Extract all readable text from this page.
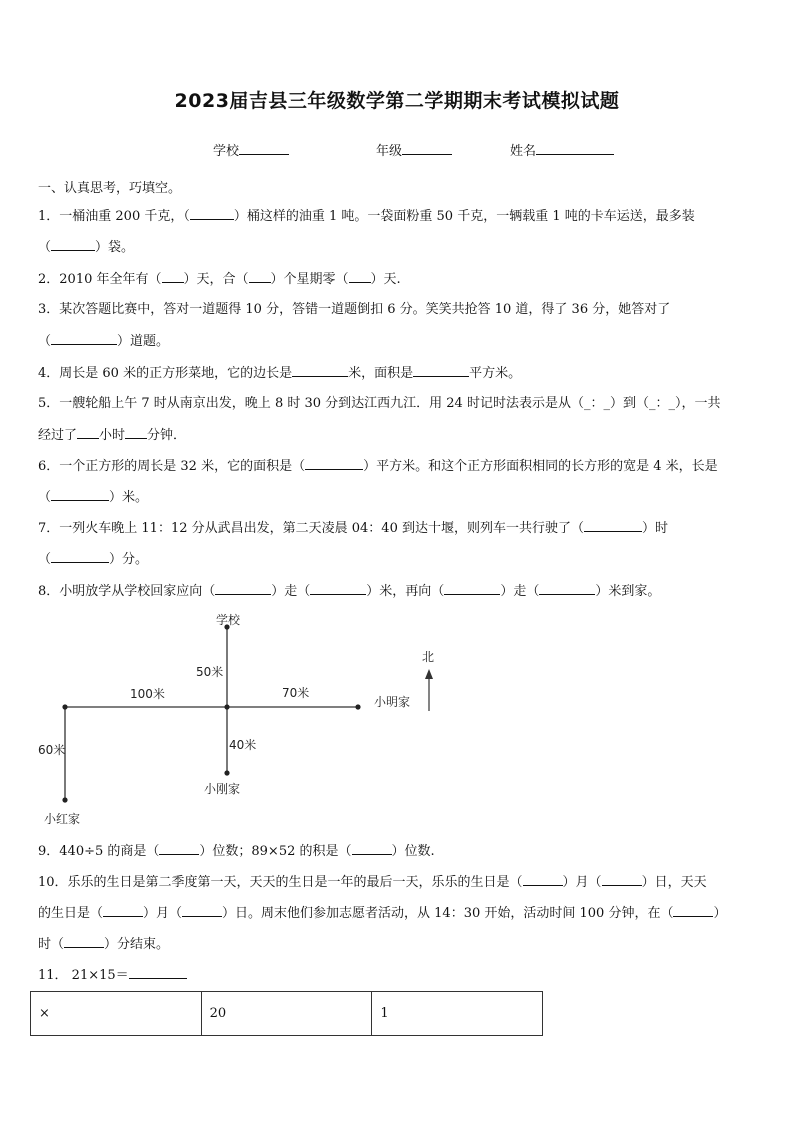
2023届吉县三年级数学第二学期期末考试模拟试题
学校	年级	姓名
一、认真思考，巧填空。
1．一桶油重 200 千克，（	）桶这样的油重 1 吨。一袋面粉重 50 千克，一辆载重 1 吨的卡车运送，最多装
（	）袋。
2．2010 年全年有（ ）天，合（ ）个星期零（ ）天.
3．某次答题比赛中，答对一道题得 10 分，答错一道题倒扣 6 分。笑笑共抢答 10 道，得了 36 分，她答对了
（	）道题。
4．周长是 60 米的正方形菜地，它的边长是	米，面积是	平方米。
5．一艘轮船上午 7 时从南京出发，晚上 8 时 30 分到达江西九江．用 24 时记时法表示是从（_：_）到（_：_），一共
经过了 小时 分钟．
6．一个正方形的周长是 32 米，它的面积是（	）平方米。和这个正方形面积相同的长方形的宽是 4 米，长是
（	）米。
7．一列火车晚上 11：12 分从武昌出发，第二天凌晨 04：40 到达十堰，则列车一共行驶了（	）时
（	）分。
8．小明放学从学校回家应向（	）走（	）米，再向（	）走（	）米到家。
学校
50米
100米	70米
小明家
40米
小刚家
60米
小红家
北
9．440÷5 的商是（	）位数；89×52 的积是（	）位数.
10．乐乐的生日是第二季度第一天，天天的生日是一年的最后一天，乐乐的生日是（	）月（	）日，天天
的生日是（	）月（	）日。周末他们参加志愿者活动，从 14：30 开始，活动时间 100 分钟，在（	）
时（	）分结束。
11． 21×15＝
×	20	1
